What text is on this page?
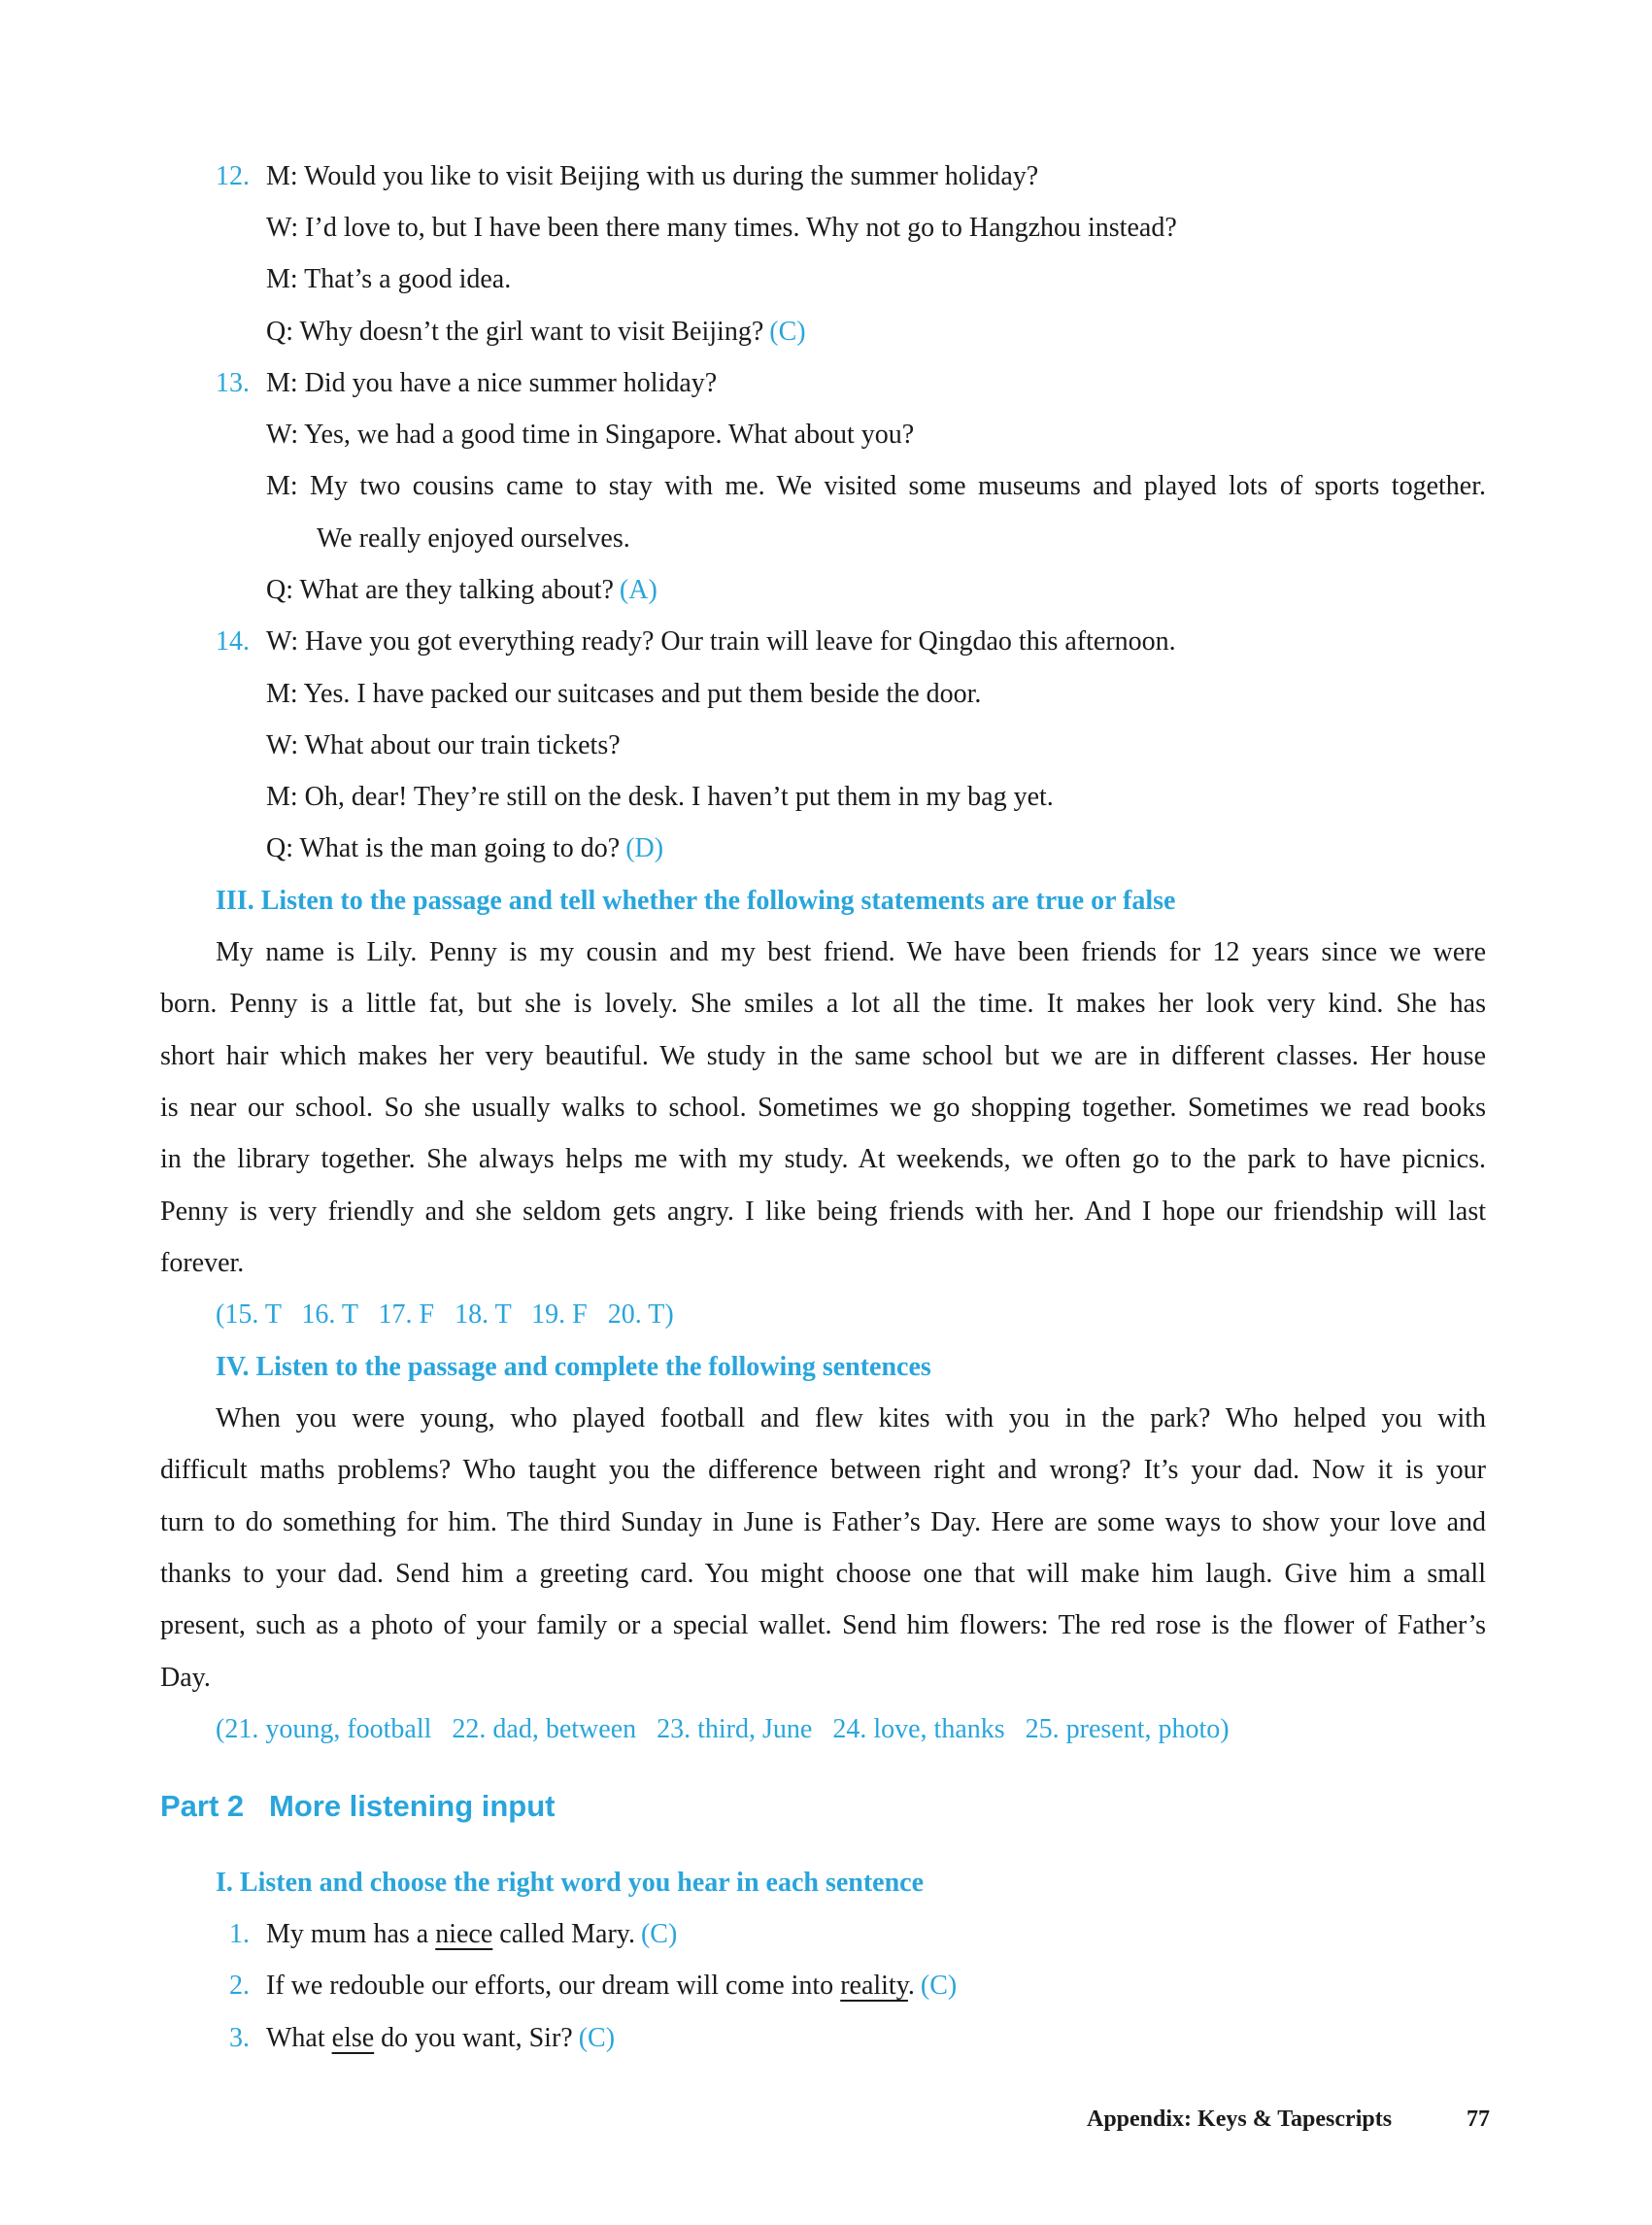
12. M: Would you like to visit Beijing with us during the summer holiday?
W: I’d love to, but I have been there many times. Why not go to Hangzhou instead?
M: That’s a good idea.
Q: Why doesn’t the girl want to visit Beijing? (C)
13. M: Did you have a nice summer holiday?
W: Yes, we had a good time in Singapore. What about you?
M: My two cousins came to stay with me. We visited some museums and played lots of sports together.
We really enjoyed ourselves.
Q: What are they talking about? (A)
14. W: Have you got everything ready? Our train will leave for Qingdao this afternoon.
M: Yes. I have packed our suitcases and put them beside the door.
W: What about our train tickets?
M: Oh, dear! They’re still on the desk. I haven’t put them in my bag yet.
Q: What is the man going to do? (D)
III. Listen to the passage and tell whether the following statements are true or false
My name is Lily. Penny is my cousin and my best friend. We have been friends for 12 years since we were
born. Penny is a little fat, but she is lovely. She smiles a lot all the time. It makes her look very kind. She has
short hair which makes her very beautiful. We study in the same school but we are in different classes. Her house
is near our school. So she usually walks to school. Sometimes we go shopping together. Sometimes we read books
in the library together. She always helps me with my study. At weekends, we often go to the park to have picnics.
Penny is very friendly and she seldom gets angry. I like being friends with her. And I hope our friendship will last
forever.
(15. T   16. T   17. F   18. T   19. F   20. T)
IV. Listen to the passage and complete the following sentences
When you were young, who played football and flew kites with you in the park? Who helped you with
difficult maths problems? Who taught you the difference between right and wrong? It’s your dad. Now it is your
turn to do something for him. The third Sunday in June is Father’s Day. Here are some ways to show your love and
thanks to your dad. Send him a greeting card. You might choose one that will make him laugh. Give him a small
present, such as a photo of your family or a special wallet. Send him flowers: The red rose is the flower of Father’s
Day.
(21. young, football   22. dad, between   23. third, June   24. love, thanks   25. present, photo)
Part 2   More listening input
I. Listen and choose the right word you hear in each sentence
1. My mum has a niece called Mary. (C)
2. If we redouble our efforts, our dream will come into reality. (C)
3. What else do you want, Sir? (C)
Appendix: Keys & Tapescripts	77
